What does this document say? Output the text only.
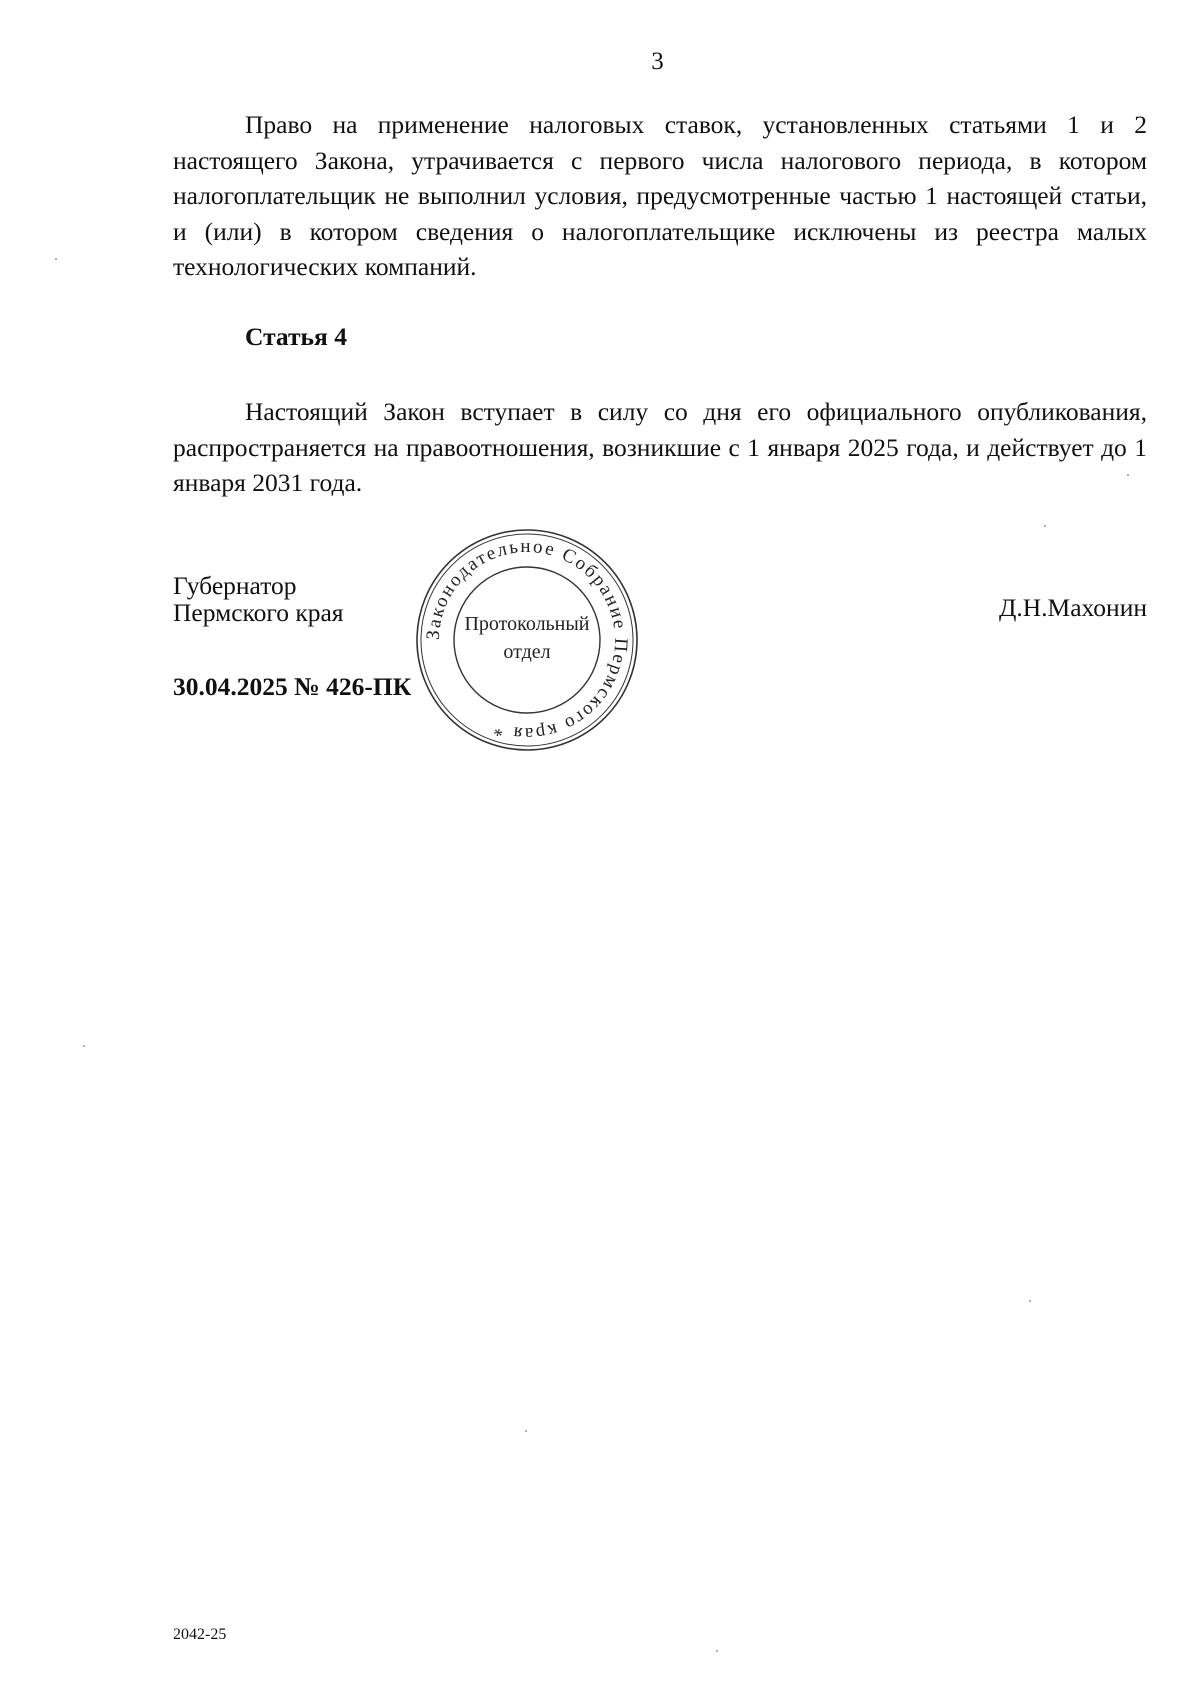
3

Право на применение налоговых ставок, установленных статьями 1 и 2 настоящего Закона, утрачивается с первого числа налогового периода, в котором налогоплательщик не выполнил условия, предусмотренные частью 1 настоящей статьи, и (или) в котором сведения о налогоплательщике исключены из реестра малых технологических компаний.

Статья 4

Настоящий Закон вступает в силу со дня его официального опубликования, распространяется на правоотношения, возникшие с 1 января 2025 года, и действует до 1 января 2031 года.

Губернатор
Пермского края
Законодательное Собрание Пермского края *
Протокольный
отдел
Д.Н.Махонин
30.04.2025 № 426-ПК
2042-25
